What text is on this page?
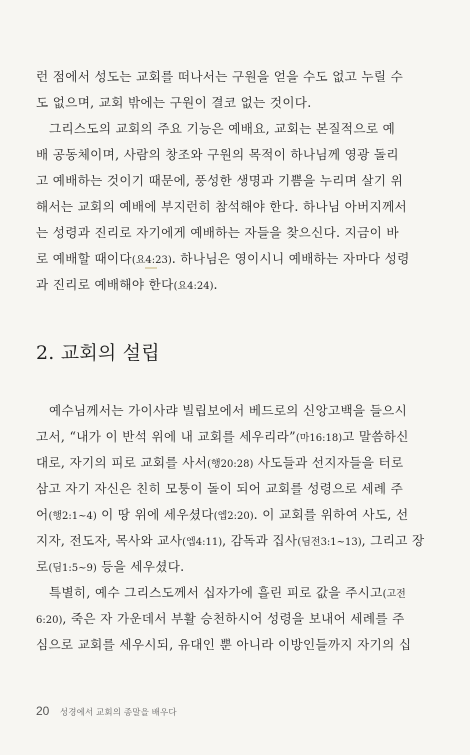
런 점에서 성도는 교회를 떠나서는 구원을 얻을 수도 없고 누릴 수
도 없으며, 교회 밖에는 구원이 결코 없는 것이다.
그리스도의 교회의 주요 기능은 예배요, 교회는 본질적으로 예
배 공동체이며, 사람의 창조와 구원의 목적이 하나님께 영광 돌리
고 예배하는 것이기 때문에, 풍성한 생명과 기쁨을 누리며 살기 위
해서는 교회의 예배에 부지런히 참석해야 한다. 하나님 아버지께서
는 성령과 진리로 자기에게 예배하는 자들을 찾으신다. 지금이 바
로 예배할 때이다(요4:23). 하나님은 영이시니 예배하는 자마다 성령
과 진리로 예배해야 한다(요4:24).
2. 교회의 설립
예수님께서는 가이사랴 빌립보에서 베드로의 신앙고백을 들으시
고서, “내가 이 반석 위에 내 교회를 세우리라”(마16:18)고 말씀하신
대로, 자기의 피로 교회를 사서(행20:28) 사도들과 선지자들을 터로
삼고 자기 자신은 친히 모퉁이 돌이 되어 교회를 성령으로 세례 주
어(행2:1~4) 이 땅 위에 세우셨다(엡2:20). 이 교회를 위하여 사도, 선
지자, 전도자, 목사와 교사(엡4:11), 감독과 집사(딤전3:1~13), 그리고 장
로(딤1:5~9) 등을 세우셨다.
특별히, 예수 그리스도께서 십자가에 흘린 피로 값을 주시고(고전
6:20), 죽은 자 가운데서 부활 승천하시어 성령을 보내어 세례를 주
심으로 교회를 세우시되, 유대인 뿐 아니라 이방인들까지 자기의 십
20 성경에서 교회의 종말을 배우다
